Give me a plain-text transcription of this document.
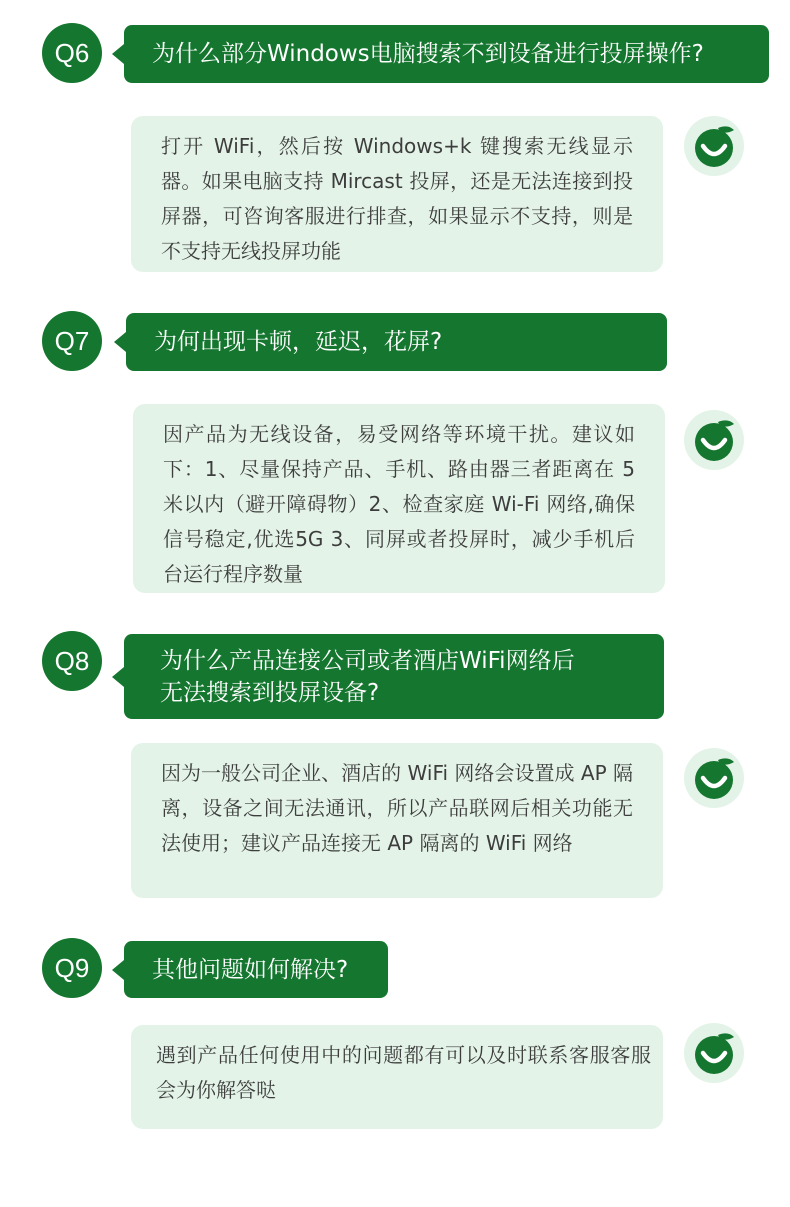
Q6	为什么部分Windows电脑搜索不到设备进行投屏操作?
打开 WiFi，然后按 Windows+k 键搜索无线显示器。如果电脑支持 Mircast 投屏，还是无法连接到投屏器，可咨询客服进行排查，如果显示不支持，则是不支持无线投屏功能
Q7	为何出现卡顿，延迟，花屏?
因产品为无线设备，易受网络等环境干扰。建议如下：1、尽量保持产品、手机、路由器三者距离在 5 米以内（避开障碍物）2、检查家庭 Wi-Fi 网络,确保信号稳定,优选5G 3、同屏或者投屏时，减少手机后台运行程序数量
Q8	为什么产品连接公司或者酒店WiFi网络后
无法搜索到投屏设备?
因为一般公司企业、酒店的 WiFi 网络会设置成 AP 隔离，设备之间无法通讯，所以产品联网后相关功能无法使用；建议产品连接无 AP 隔离的 WiFi 网络
Q9	其他问题如何解决?
遇到产品任何使用中的问题都有可以及时联系客服客服会为你解答哒
